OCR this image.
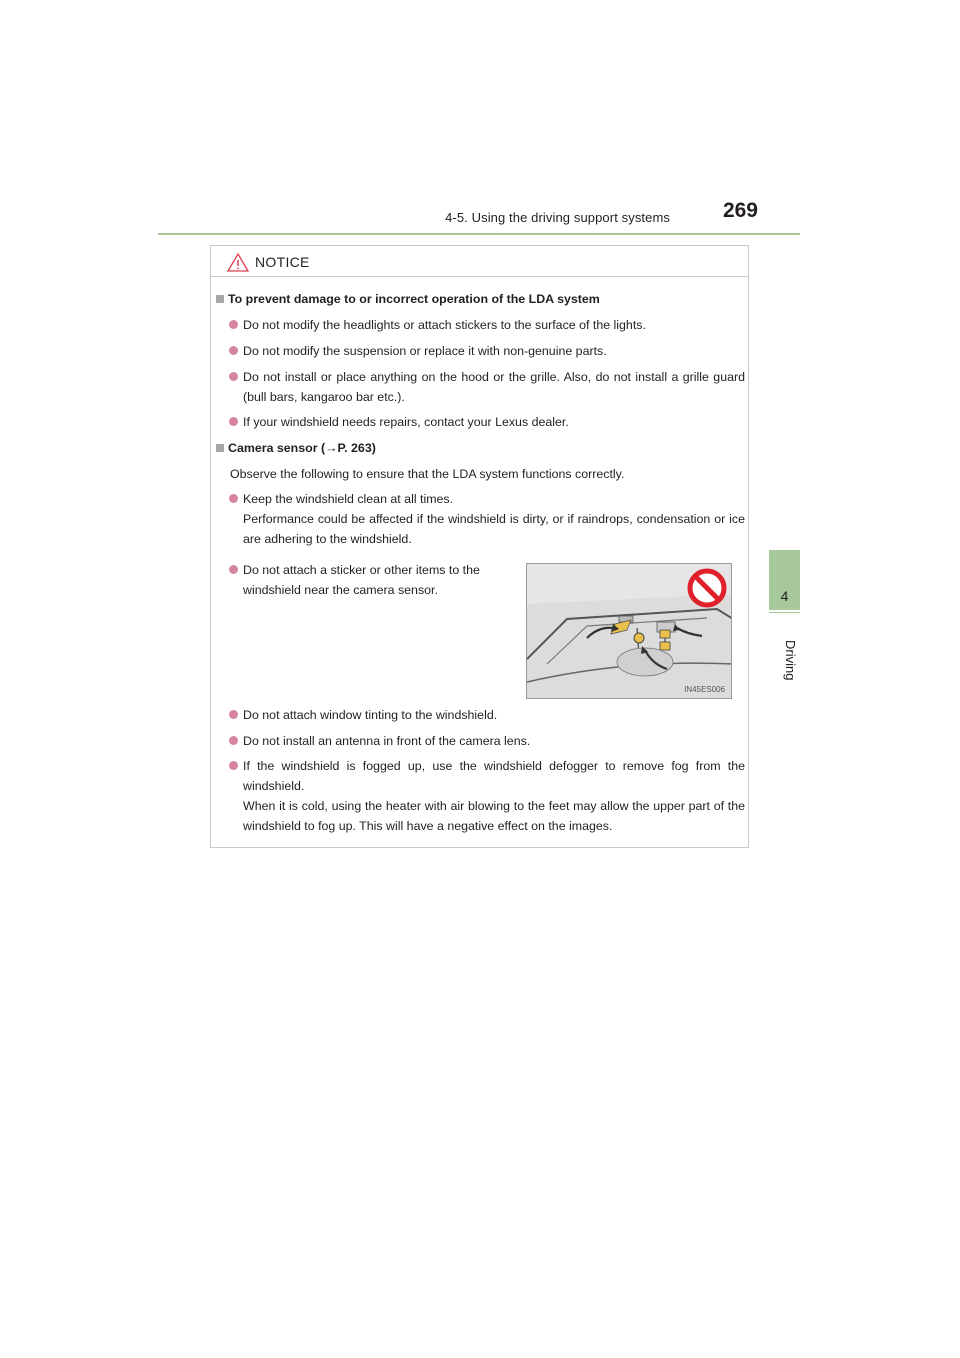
4-5. Using the driving support systems	269
4
Driving
NOTICE
To prevent damage to or incorrect operation of the LDA system
Do not modify the headlights or attach stickers to the surface of the lights.
Do not modify the suspension or replace it with non-genuine parts.
Do not install or place anything on the hood or the grille. Also, do not install a grille guard (bull bars, kangaroo bar etc.).
If your windshield needs repairs, contact your Lexus dealer.
Camera sensor (→P. 263)
Observe the following to ensure that the LDA system functions correctly.
Keep the windshield clean at all times.
Performance could be affected if the windshield is dirty, or if raindrops, condensation or ice are adhering to the windshield.
Do not attach a sticker or other items to the windshield near the camera sensor.
Do not attach window tinting to the windshield.
Do not install an antenna in front of the camera lens.
If the windshield is fogged up, use the windshield defogger to remove fog from the windshield.
When it is cold, using the heater with air blowing to the feet may allow the upper part of the windshield to fog up. This will have a negative effect on the images.
IN45ES006
